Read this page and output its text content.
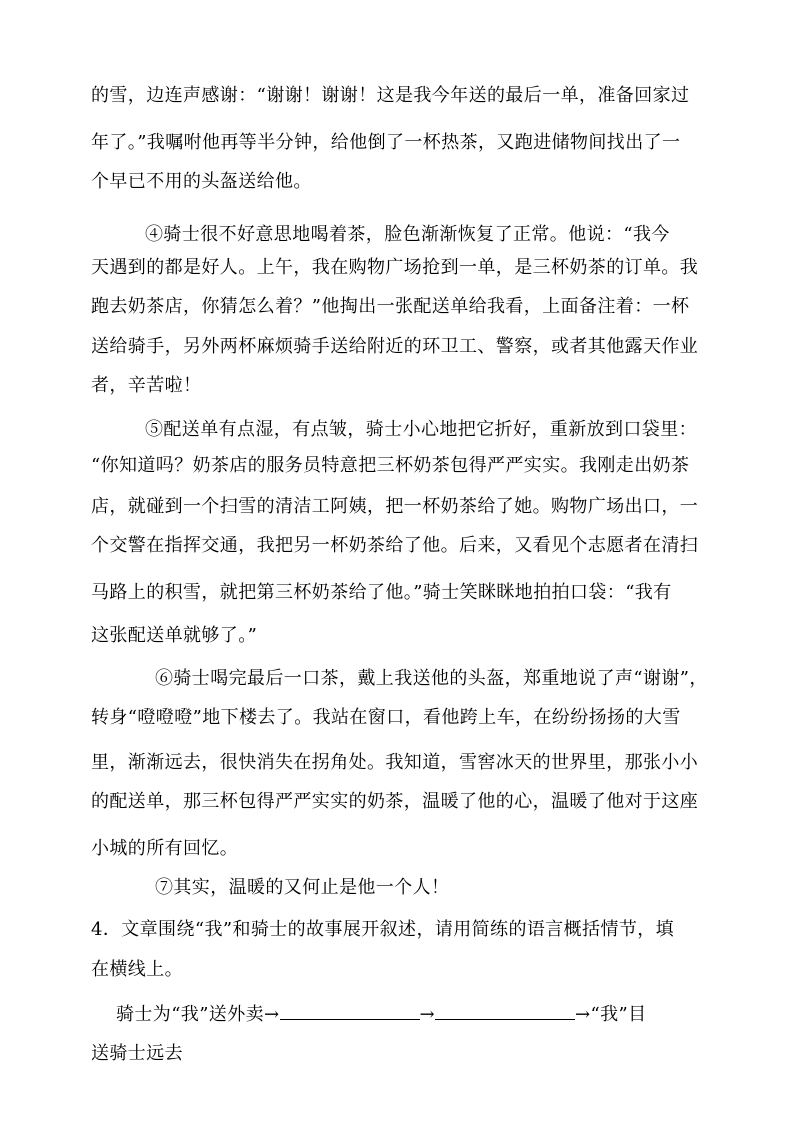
的雪，边连声感谢：“谢谢！谢谢！这是我今年送的最后一单，准备回家过
年了。”我嘱咐他再等半分钟，给他倒了一杯热茶，又跑进储物间找出了一
个早已不用的头盔送给他。
④骑士很不好意思地喝着茶，脸色渐渐恢复了正常。他说：“我今
天遇到的都是好人。上午，我在购物广场抢到一单，是三杯奶茶的订单。我
跑去奶茶店，你猜怎么着？”他掏出一张配送单给我看，上面备注着：一杯
送给骑手，另外两杯麻烦骑手送给附近的环卫工、警察，或者其他露天作业
者，辛苦啦！
⑤配送单有点湿，有点皱，骑士小心地把它折好，重新放到口袋里：
“你知道吗？奶茶店的服务员特意把三杯奶茶包得严严实实。我刚走出奶茶
店，就碰到一个扫雪的清洁工阿姨，把一杯奶茶给了她。购物广场出口，一
个交警在指挥交通，我把另一杯奶茶给了他。后来，又看见个志愿者在清扫
马路上的积雪，就把第三杯奶茶给了他。”骑士笑眯眯地拍拍口袋：“我有
这张配送单就够了。”
⑥骑士喝完最后一口茶，戴上我送他的头盔，郑重地说了声“谢谢”，
转身“噔噔噔”地下楼去了。我站在窗口，看他跨上车，在纷纷扬扬的大雪
里，渐渐远去，很快消失在拐角处。我知道，雪窖冰天的世界里，那张小小
的配送单，那三杯包得严严实实的奶茶，温暖了他的心，温暖了他对于这座
小城的所有回忆。
⑦其实，温暖的又何止是他一个人！
4．文章围绕“我”和骑士的故事展开叙述，请用简练的语言概括情节，填
在横线上。
骑士为“我”送外卖→	→	→“我”目
送骑士远去
